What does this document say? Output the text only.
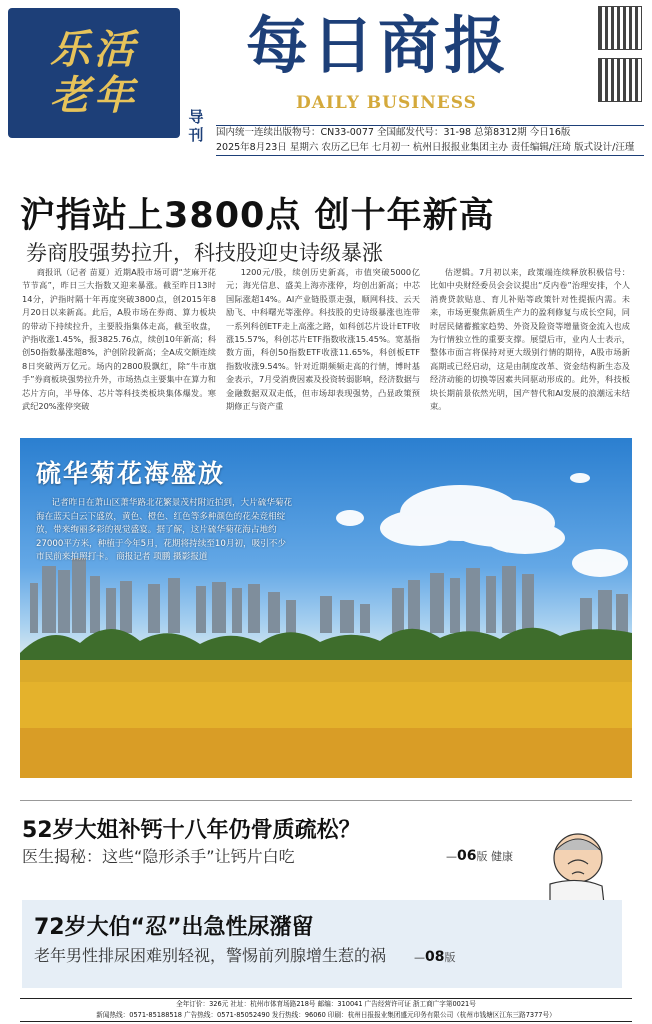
乐活老年	导刊
每日商报
DAILY BUSINESS
国内统一连续出版物号：CN33-0077 全国邮发代号：31-98 总第8312期 今日16版
2025年8月23日 星期六 农历乙巳年 七月初一 杭州日报报业集团主办 责任编辑/汪琦 版式设计/汪瑾
沪指站上3800点 创十年新高
券商股强势拉升，科技股迎史诗级暴涨
商报讯（记者 苗夏）近期A股市场可谓“芝麻开花节节高”，昨日三大指数又迎来暴涨。截至昨日13时14分，沪指时隔十年再度突破3800点，创2015年8月20日以来新高。此后，A股市场在券商、算力板块的带动下持续拉升，主要股指集体走高，截至收盘，沪指收涨1.45%，报3825.76点，续创10年新高；科创50指数暴涨超8%，沪创阶段新高；全A成交额连续8日突破两万亿元。场内的2800股飘红，除“牛市旗手”券商板块强势拉升外，市场热点主要集中在算力和芯片方向，半导体、芯片等科技类板块集体爆发。寒武纪20%涨停突破
1200元/股，续创历史新高，市值突破5000亿元；海光信息、盛美上海亦涨停，均创出新高；中芯国际涨超14%。AI产业链股票走强，顺网科技、云天励飞、中科曙光等涨停。科技股的史诗级暴涨也连带一系列科创ETF走上高涨之路，如科创芯片设计ETF收涨15.57%，科创芯片ETF指数收涨15.45%。宽基指数方面，科创50指数ETF收涨11.65%，科创板ETF指数收涨9.54%。针对近期频频走高的行情，博时基金表示，7月受消费因素及投资转弱影响，经济数据与金融数据双双走低，但市场却表现强势，凸显政策预期修正与资产重
估逻辑。7月初以来，政策端连续释放积极信号：比如中央财经委员会会议提出“反内卷”治理安排，个人消费贷款贴息、育儿补贴等政策针对性提振内需。未来，市场更聚焦新质生产力的盈利修复与成长空间，同时居民储蓄搬家趋势、外资及险资等增量资金流入也成为行情独立性的重要支撑。展望后市，业内人士表示，整体市面言将保持对更大级别行情的期待，A股市场新高期或已经启动，这是由制度改革、资金结构新生态及经济动能的切换等因素共同驱动形成的。此外，科技板块长期前景依然光明，国产替代和AI发展的浪潮远未结束。
硫华菊花海盛放
记者昨日在萧山区萧华路北花繁景茂村附近拍到，大片硫华菊花海在蓝天白云下盛放，黄色、橙色、红色等多种颜色的花朵竞相绽放，带来绚丽多彩的视觉盛宴。据了解，这片硫华菊花海占地约27000平方米，种植于今年5月，花期将持续至10月初，吸引不少市民前来拍照打卡。 商报记者 项鹏 摄影报道
52岁大姐补钙十八年仍骨质疏松？
医生揭秘：这些“隐形杀手”让钙片白吃	—06版 健康
72岁大伯“忍”出急性尿潴留
老年男性排尿困难别轻视，警惕前列腺增生惹的祸	—08版
全年订价：326元 社址：杭州市体育场路218号 邮编：310041 广告经营许可证 浙工商广字第0021号
新闻热线：0571-85188518 广告热线：0571-85052490 发行热线：96060 印刷：杭州日报报业集团盛元印务有限公司（杭州市钱塘区江东三路7377号）
